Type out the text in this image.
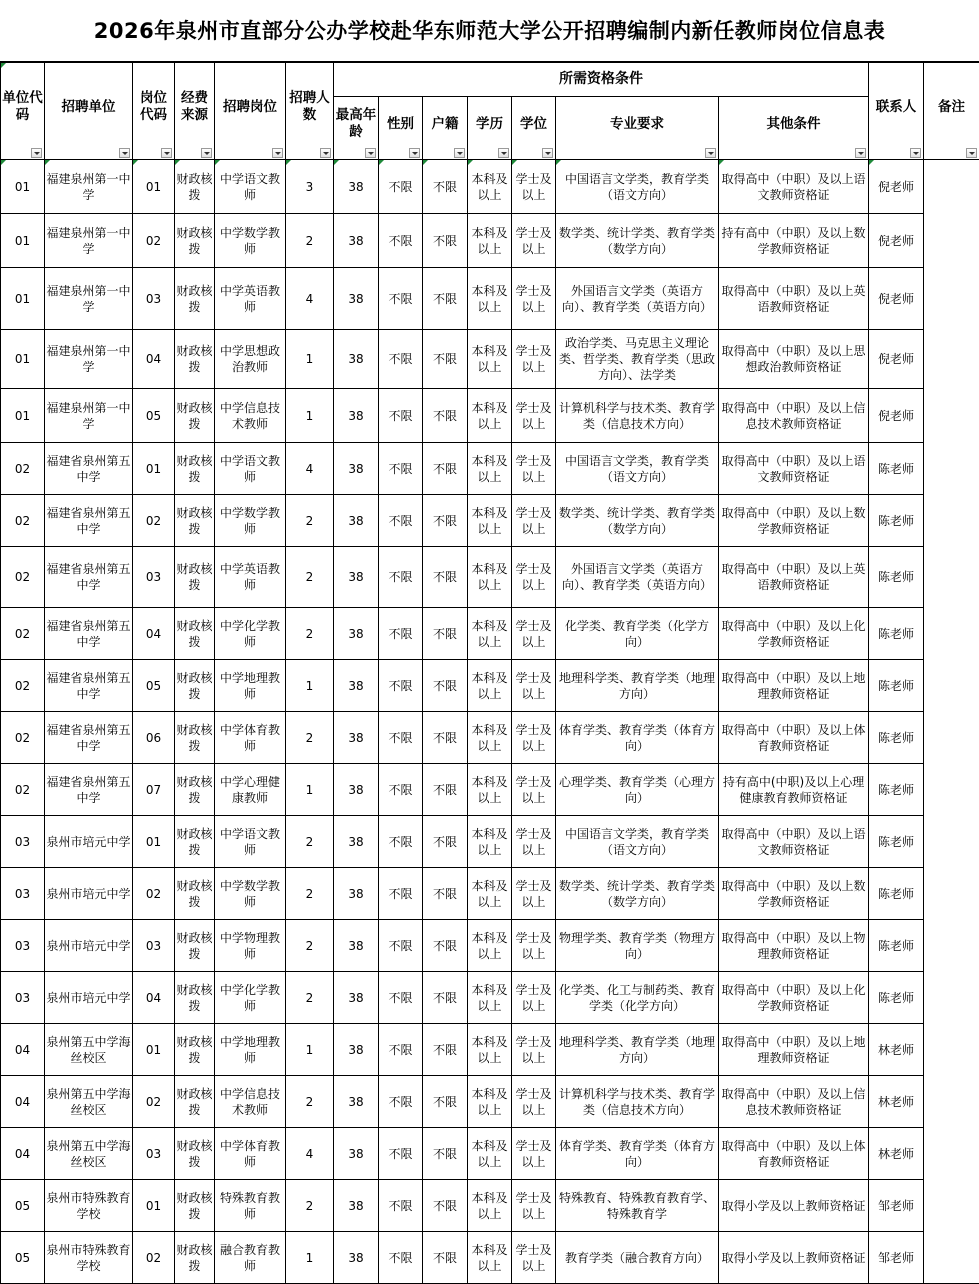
2026年泉州市直部分公办学校赴华东师范大学公开招聘编制内新任教师岗位信息表
单位代码	招聘单位	岗位代码	经费来源	招聘岗位	招聘人数	所需资格条件							联系人	备注

						最高年龄	性别	户籍	学历	学位	专业要求	其他条件		

01	福建泉州第一中学	01	财政核拨	中学语文教师	3	38	不限	不限	本科及以上	学士及以上	中国语言文学类，教育学类（语文方向）	取得高中（中职）及以上语文教师资格证	倪老师	
01	福建泉州第一中学	02	财政核拨	中学数学教师	2	38	不限	不限	本科及以上	学士及以上	数学类、统计学类、教育学类（数学方向）	持有高中（中职）及以上数学教师资格证	倪老师	
01	福建泉州第一中学	03	财政核拨	中学英语教师	4	38	不限	不限	本科及以上	学士及以上	外国语言文学类（英语方向）、教育学类（英语方向）	取得高中（中职）及以上英语教师资格证	倪老师	
01	福建泉州第一中学	04	财政核拨	中学思想政治教师	1	38	不限	不限	本科及以上	学士及以上	政治学类、马克思主义理论类、哲学类、教育学类（思政方向）、法学类	取得高中（中职）及以上思想政治教师资格证	倪老师	
01	福建泉州第一中学	05	财政核拨	中学信息技术教师	1	38	不限	不限	本科及以上	学士及以上	计算机科学与技术类、教育学类（信息技术方向）	取得高中（中职）及以上信息技术教师资格证	倪老师	
02	福建省泉州第五中学	01	财政核拨	中学语文教师	4	38	不限	不限	本科及以上	学士及以上	中国语言文学类，教育学类（语文方向）	取得高中（中职）及以上语文教师资格证	陈老师	
02	福建省泉州第五中学	02	财政核拨	中学数学教师	2	38	不限	不限	本科及以上	学士及以上	数学类、统计学类、教育学类（数学方向）	取得高中（中职）及以上数学教师资格证	陈老师	
02	福建省泉州第五中学	03	财政核拨	中学英语教师	2	38	不限	不限	本科及以上	学士及以上	外国语言文学类（英语方向）、教育学类（英语方向）	取得高中（中职）及以上英语教师资格证	陈老师	
02	福建省泉州第五中学	04	财政核拨	中学化学教师	2	38	不限	不限	本科及以上	学士及以上	化学类、教育学类（化学方向）	取得高中（中职）及以上化学教师资格证	陈老师	
02	福建省泉州第五中学	05	财政核拨	中学地理教师	1	38	不限	不限	本科及以上	学士及以上	地理科学类、教育学类（地理方向）	取得高中（中职）及以上地理教师资格证	陈老师	
02	福建省泉州第五中学	06	财政核拨	中学体育教师	2	38	不限	不限	本科及以上	学士及以上	体育学类、教育学类（体育方向）	取得高中（中职）及以上体育教师资格证	陈老师	
02	福建省泉州第五中学	07	财政核拨	中学心理健康教师	1	38	不限	不限	本科及以上	学士及以上	心理学类、教育学类（心理方向）	持有高中(中职)及以上心理健康教育教师资格证	陈老师	
03	泉州市培元中学	01	财政核拨	中学语文教师	2	38	不限	不限	本科及以上	学士及以上	中国语言文学类，教育学类（语文方向）	取得高中（中职）及以上语文教师资格证	陈老师	
03	泉州市培元中学	02	财政核拨	中学数学教师	2	38	不限	不限	本科及以上	学士及以上	数学类、统计学类、教育学类（数学方向）	取得高中（中职）及以上数学教师资格证	陈老师	
03	泉州市培元中学	03	财政核拨	中学物理教师	2	38	不限	不限	本科及以上	学士及以上	物理学类、教育学类（物理方向）	取得高中（中职）及以上物理教师资格证	陈老师	
03	泉州市培元中学	04	财政核拨	中学化学教师	2	38	不限	不限	本科及以上	学士及以上	化学类、化工与制药类、教育学类（化学方向）	取得高中（中职）及以上化学教师资格证	陈老师	
04	泉州第五中学海丝校区	01	财政核拨	中学地理教师	1	38	不限	不限	本科及以上	学士及以上	地理科学类、教育学类（地理方向）	取得高中（中职）及以上地理教师资格证	林老师	
04	泉州第五中学海丝校区	02	财政核拨	中学信息技术教师	2	38	不限	不限	本科及以上	学士及以上	计算机科学与技术类、教育学类（信息技术方向）	取得高中（中职）及以上信息技术教师资格证	林老师	
04	泉州第五中学海丝校区	03	财政核拨	中学体育教师	4	38	不限	不限	本科及以上	学士及以上	体育学类、教育学类（体育方向）	取得高中（中职）及以上体育教师资格证	林老师	
05	泉州市特殊教育学校	01	财政核拨	特殊教育教师	2	38	不限	不限	本科及以上	学士及以上	特殊教育、特殊教育教育学、特殊教育学	取得小学及以上教师资格证	邹老师	
05	泉州市特殊教育学校	02	财政核拨	融合教育教师	1	38	不限	不限	本科及以上	学士及以上	教育学类（融合教育方向）	取得小学及以上教师资格证	邹老师	
